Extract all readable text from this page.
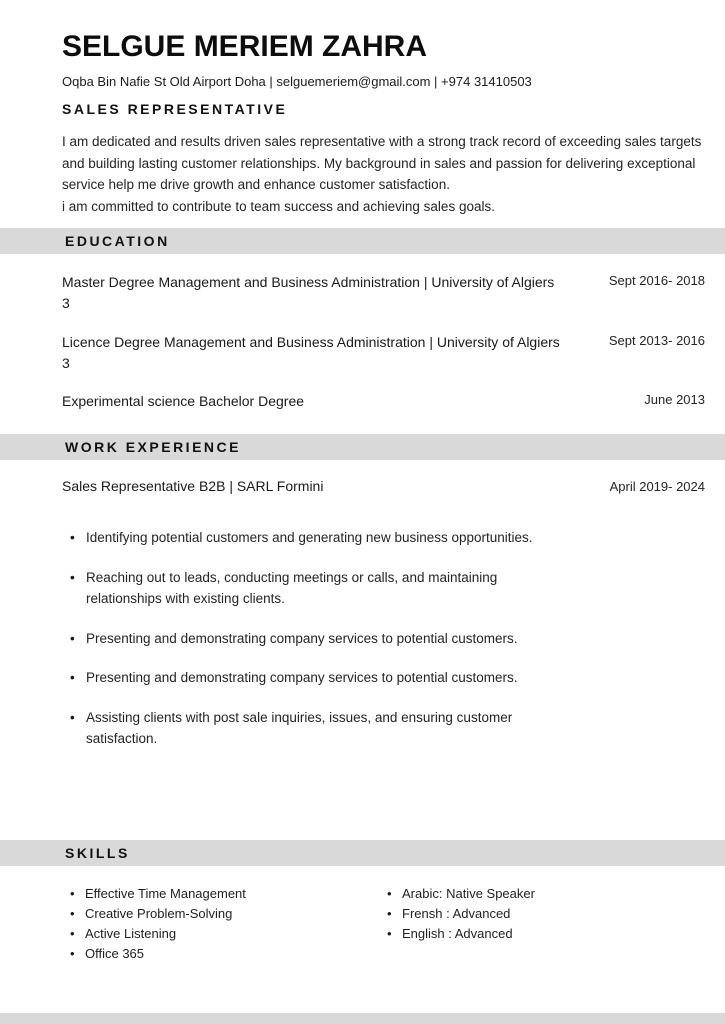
SELGUE MERIEM ZAHRA
Oqba Bin Nafie St Old Airport Doha | selguemeriem@gmail.com | +974 31410503
SALES REPRESENTATIVE
I am dedicated and results driven sales representative with a strong track record of exceeding sales targets and building lasting customer relationships. My background in sales and passion for delivering exceptional service help me drive growth and enhance customer satisfaction.
i am committed to contribute to team success and achieving sales goals.
EDUCATION
Master Degree Management and Business Administration | University of Algiers 3
Sept 2016- 2018
Licence Degree Management and Business Administration | University of Algiers 3
Sept 2013- 2016
Experimental science Bachelor Degree	June 2013
WORK EXPERIENCE
Sales Representative B2B | SARL Formini	April 2019- 2024
• Identifying potential customers and generating new business opportunities.
• Reaching out to leads, conducting meetings or calls, and maintaining relationships with existing clients.
• Presenting and demonstrating company services to potential customers.
• Presenting and demonstrating company services to potential customers.
• Assisting clients with post sale inquiries, issues, and ensuring customer satisfaction.
SKILLS
• Effective Time Management
• Creative Problem-Solving
• Active Listening
• Office 365
• Arabic: Native Speaker
• Frensh : Advanced
• English : Advanced
